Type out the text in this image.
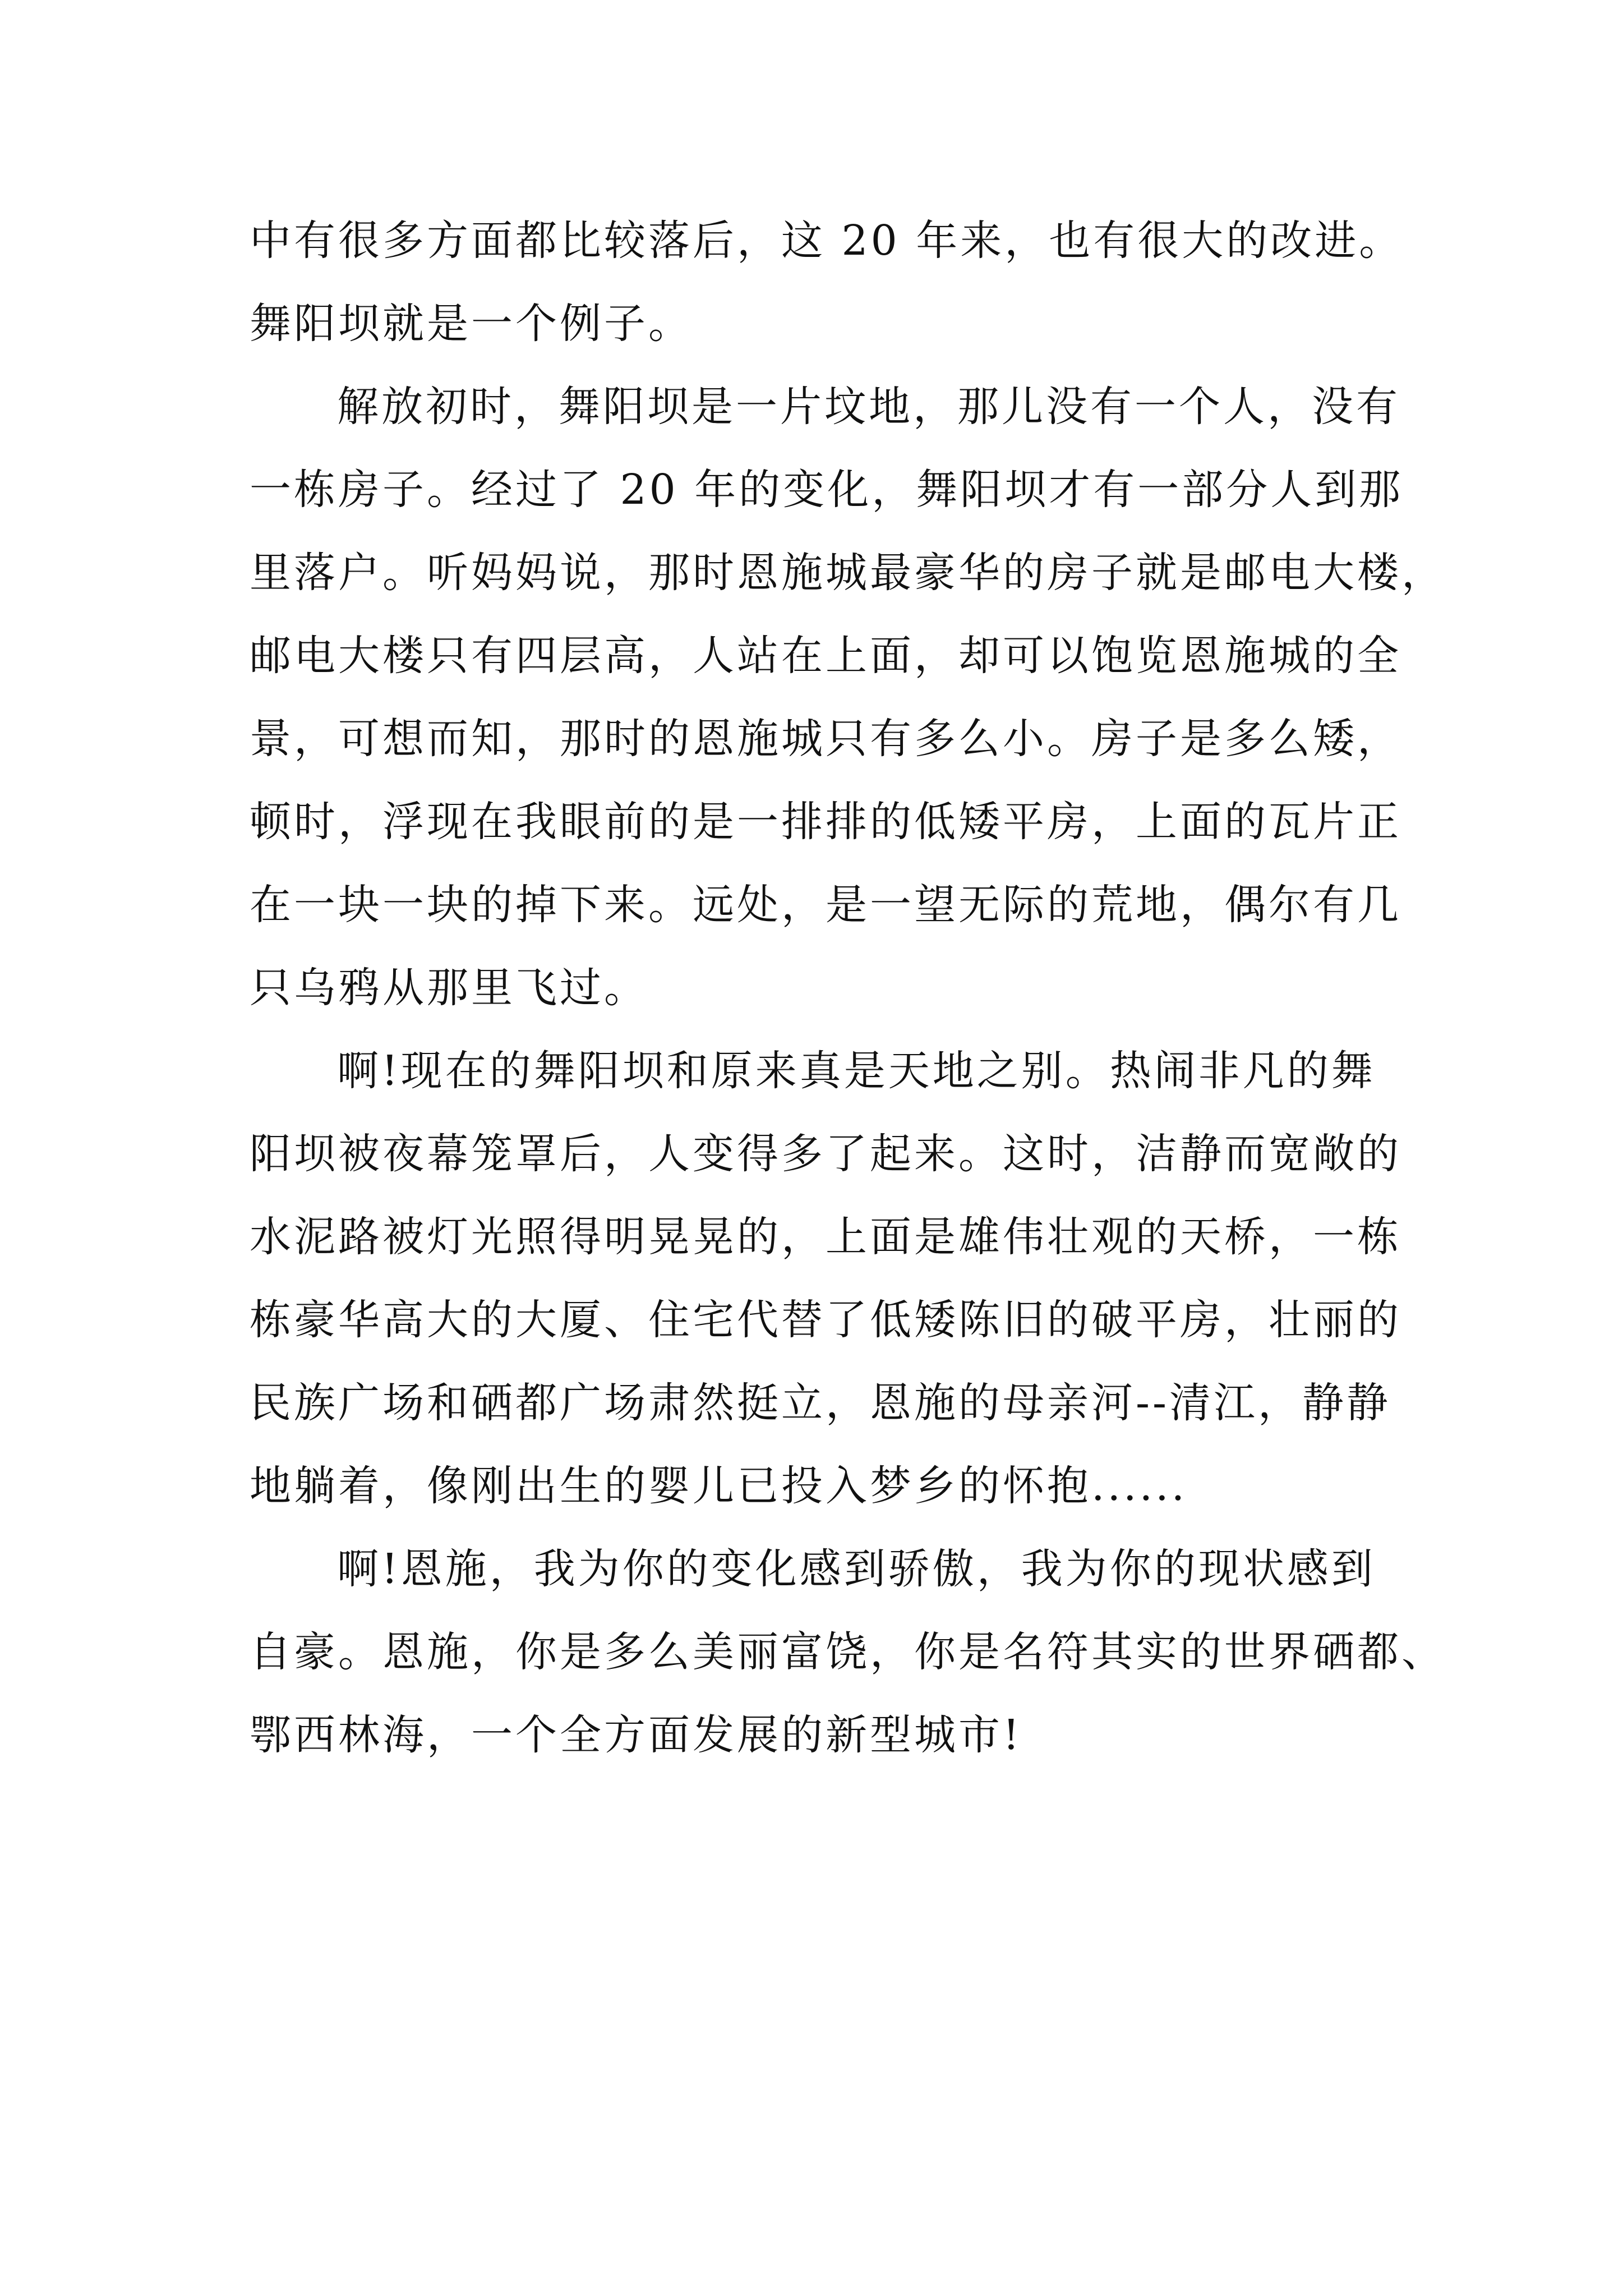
中有很多方面都比较落后，这 20 年来，也有很大的改进。
舞阳坝就是一个例子。
解放初时，舞阳坝是一片坟地，那儿没有一个人，没有
一栋房子。经过了 20 年的变化，舞阳坝才有一部分人到那
里落户。听妈妈说，那时恩施城最豪华的房子就是邮电大楼，
邮电大楼只有四层高，人站在上面，却可以饱览恩施城的全
景，可想而知，那时的恩施城只有多么小。房子是多么矮，
顿时，浮现在我眼前的是一排排的低矮平房，上面的瓦片正
在一块一块的掉下来。远处，是一望无际的荒地，偶尔有几
只乌鸦从那里飞过。
啊!现在的舞阳坝和原来真是天地之别。热闹非凡的舞
阳坝被夜幕笼罩后，人变得多了起来。这时，洁静而宽敞的
水泥路被灯光照得明晃晃的，上面是雄伟壮观的天桥，一栋
栋豪华高大的大厦、住宅代替了低矮陈旧的破平房，壮丽的
民族广场和硒都广场肃然挺立，恩施的母亲河--清江，静静
地躺着，像刚出生的婴儿已投入梦乡的怀抱......
啊!恩施，我为你的变化感到骄傲，我为你的现状感到
自豪。恩施，你是多么美丽富饶，你是名符其实的世界硒都、
鄂西林海，一个全方面发展的新型城市!
